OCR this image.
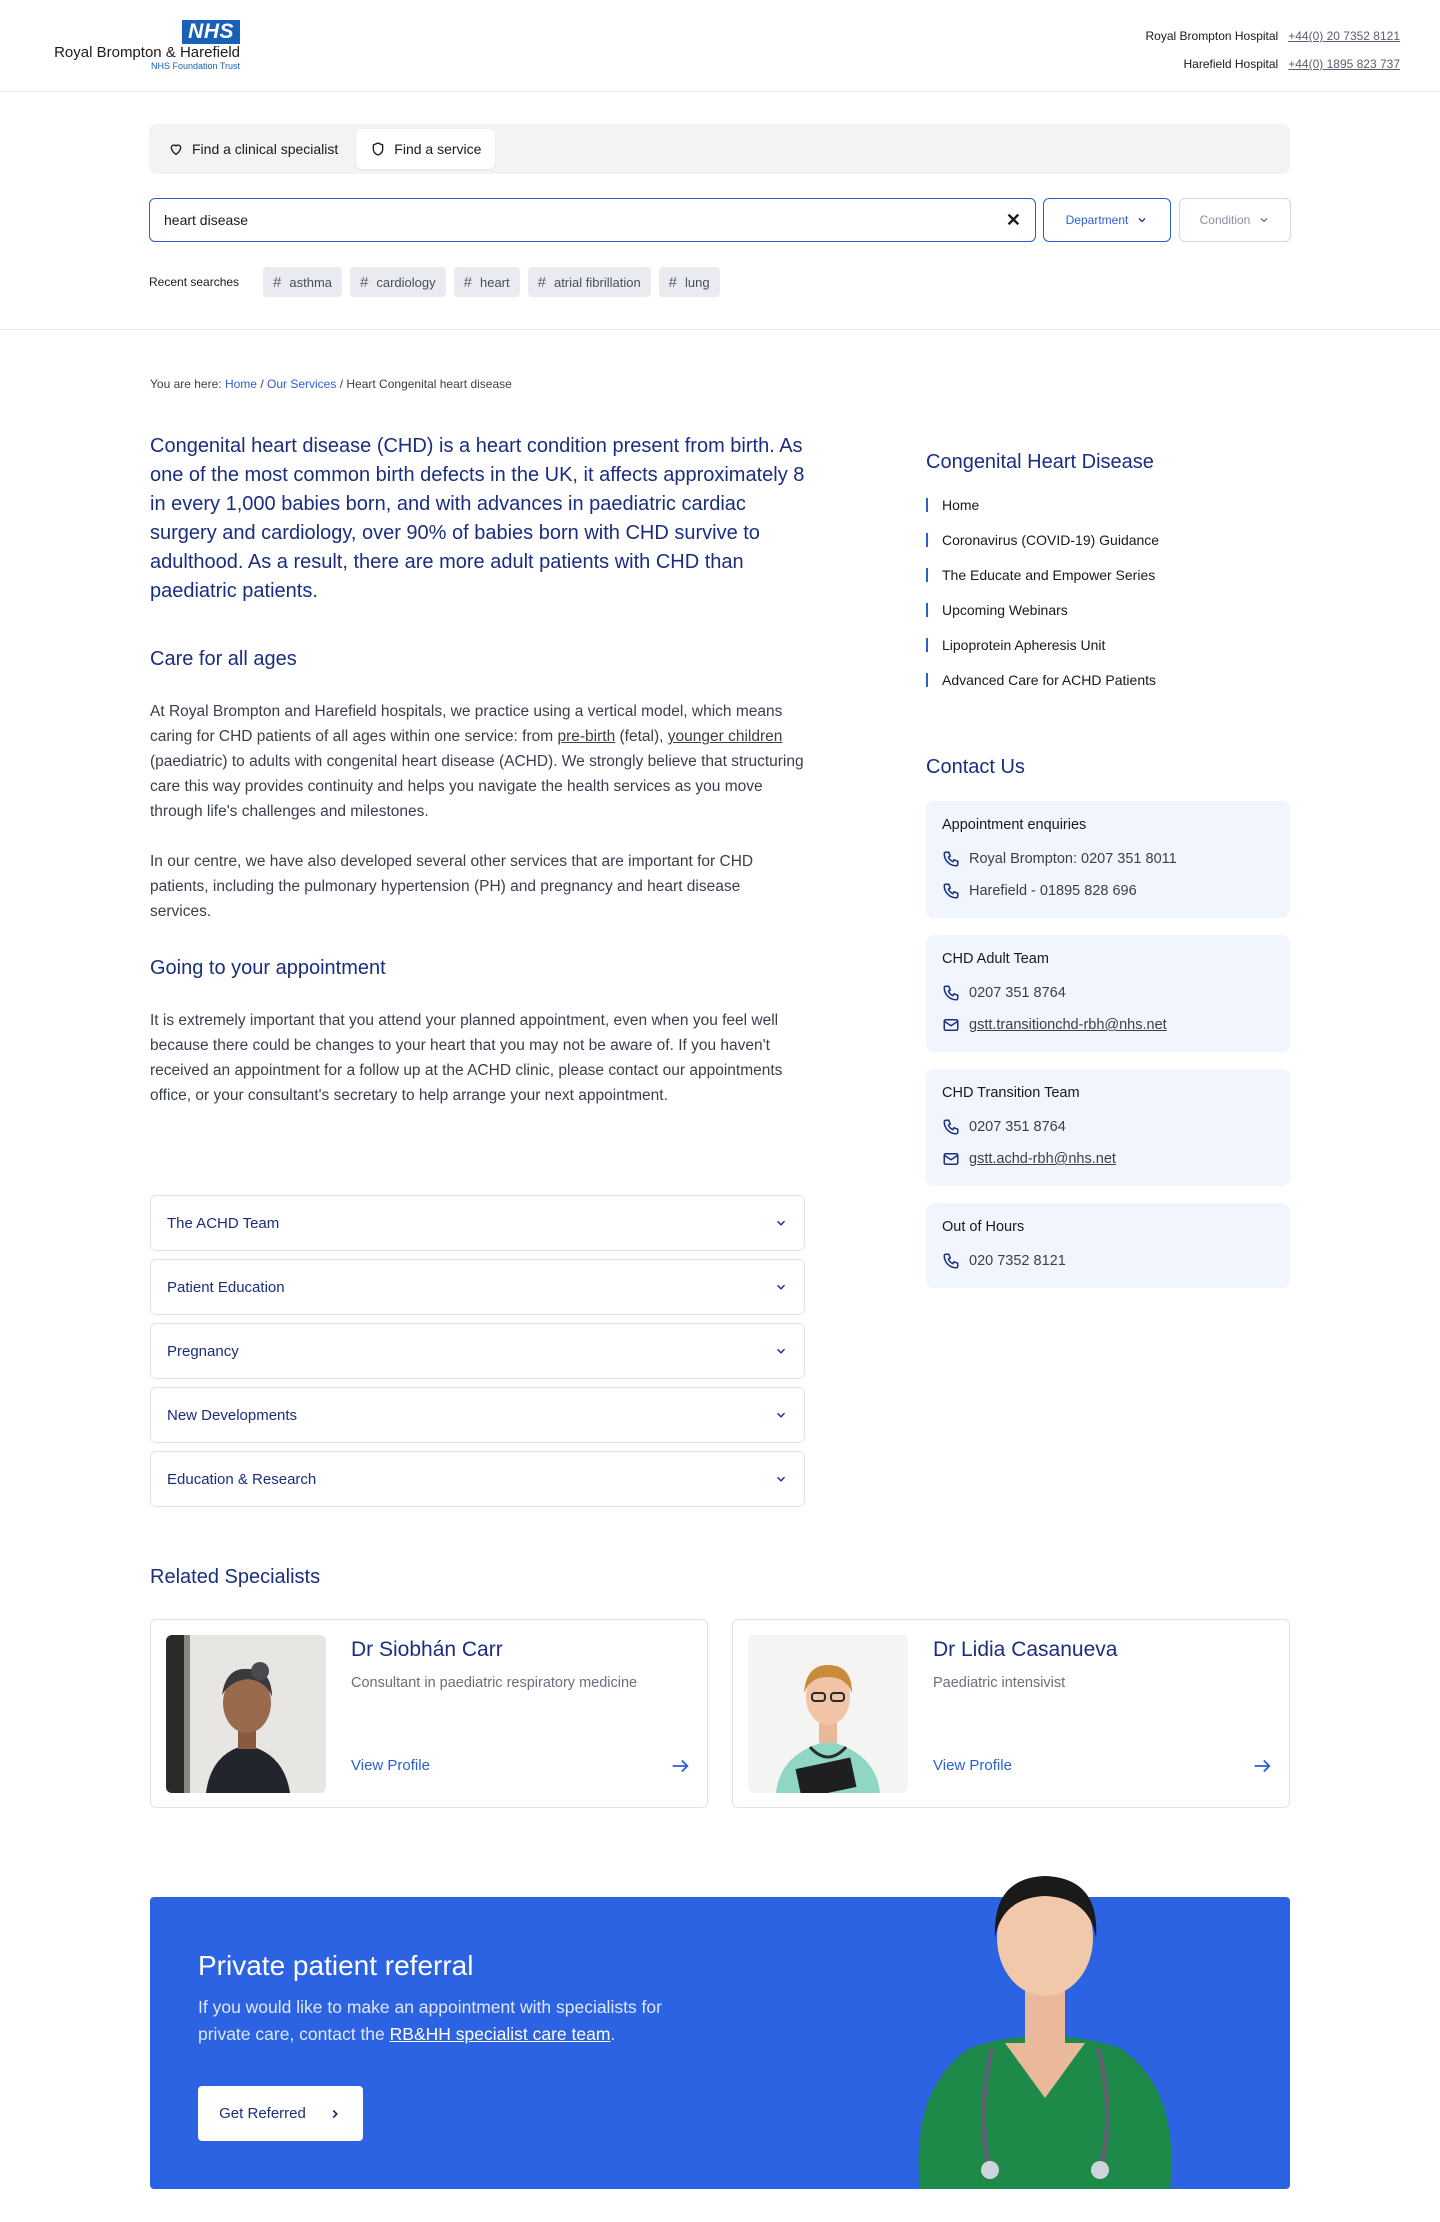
NHS
Royal Brompton & Harefield
NHS Foundation Trust
Royal Brompton Hospital +44(0) 20 7352 8121
Harefield Hospital +44(0) 1895 823 737
Find a clinical specialist	Find a service
heart disease	✕	Department	Condition
Recent searches # asthma # cardiology # heart # atrial fibrillation # lung
You are here: Home / Our Services / Heart Congenital heart disease

Congenital heart disease (CHD) is a heart condition present from birth. As one of the most common birth defects in the UK, it affects approximately 8 in every 1,000 babies born, and with advances in paediatric cardiac surgery and cardiology, over 90% of babies born with CHD survive to adulthood. As a result, there are more adult patients with CHD than paediatric patients.

Care for all ages

At Royal Brompton and Harefield hospitals, we practice using a vertical model, which means caring for CHD patients of all ages within one service: from pre-birth (fetal), younger children (paediatric) to adults with congenital heart disease (ACHD). We strongly believe that structuring care this way provides continuity and helps you navigate the health services as you move through life's challenges and milestones.

In our centre, we have also developed several other services that are important for CHD patients, including the pulmonary hypertension (PH) and pregnancy and heart disease services.

Going to your appointment

It is extremely important that you attend your planned appointment, even when you feel well because there could be changes to your heart that you may not be aware of. If you haven't received an appointment for a follow up at the ACHD clinic, please contact our appointments office, or your consultant's secretary to help arrange your next appointment.

The ACHD Team
Patient Education
Pregnancy
New Developments
Education & Research
Congenital Heart Disease
Home
Coronavirus (COVID-19) Guidance
The Educate and Empower Series
Upcoming Webinars
Lipoprotein Apheresis Unit
Advanced Care for ACHD Patients
Contact Us
Appointment enquiries
Royal Brompton: 0207 351 8011
Harefield - 01895 828 696
CHD Adult Team
0207 351 8764
gstt.transitionchd-rbh@nhs.net
CHD Transition Team
0207 351 8764
gstt.achd-rbh@nhs.net
Out of Hours
020 7352 8121
Related Specialists
Dr Siobhán Carr
Consultant in paediatric respiratory medicine
View Profile
Dr Lidia Casanueva
Paediatric intensivist
View Profile
Private patient referral
If you would like to make an appointment with specialists for private care, contact the RB&HH specialist care team.
Get Referred
